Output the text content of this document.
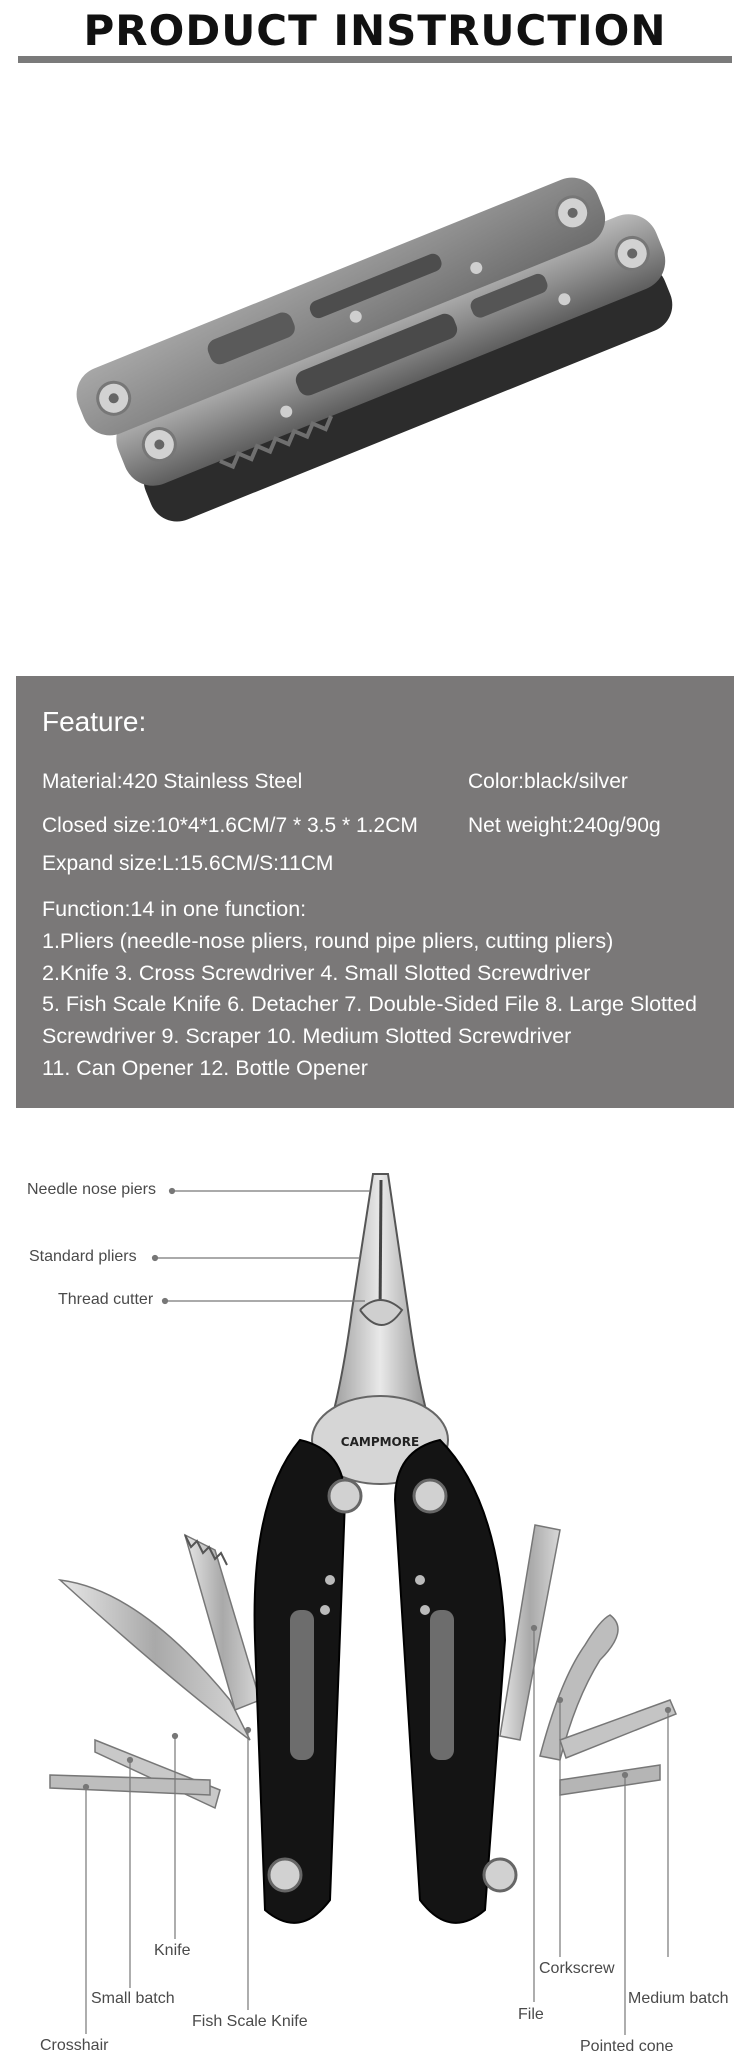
PRODUCT INSTRUCTION
Feature:
Material:420 Stainless Steel	Color:black/silver
Closed size:10*4*1.6CM/7 * 3.5 * 1.2CM Net weight:240g/90g
Expand size:L:15.6CM/S:11CM
Function:14 in one function:
1.Pliers (needle-nose pliers, round pipe pliers, cutting pliers)
2.Knife 3. Cross Screwdriver 4. Small Slotted Screwdriver
5. Fish Scale Knife 6. Detacher 7. Double-Sided File 8. Large Slotted
Screwdriver 9. Scraper 10. Medium Slotted Screwdriver
11. Can Opener 12. Bottle Opener
CAMPMORE
Needle nose piers
Standard pliers
Thread cutter
Knife
Small batch
Crosshair
Fish Scale Knife	File
Corkscrew
Medium batch
Pointed cone
